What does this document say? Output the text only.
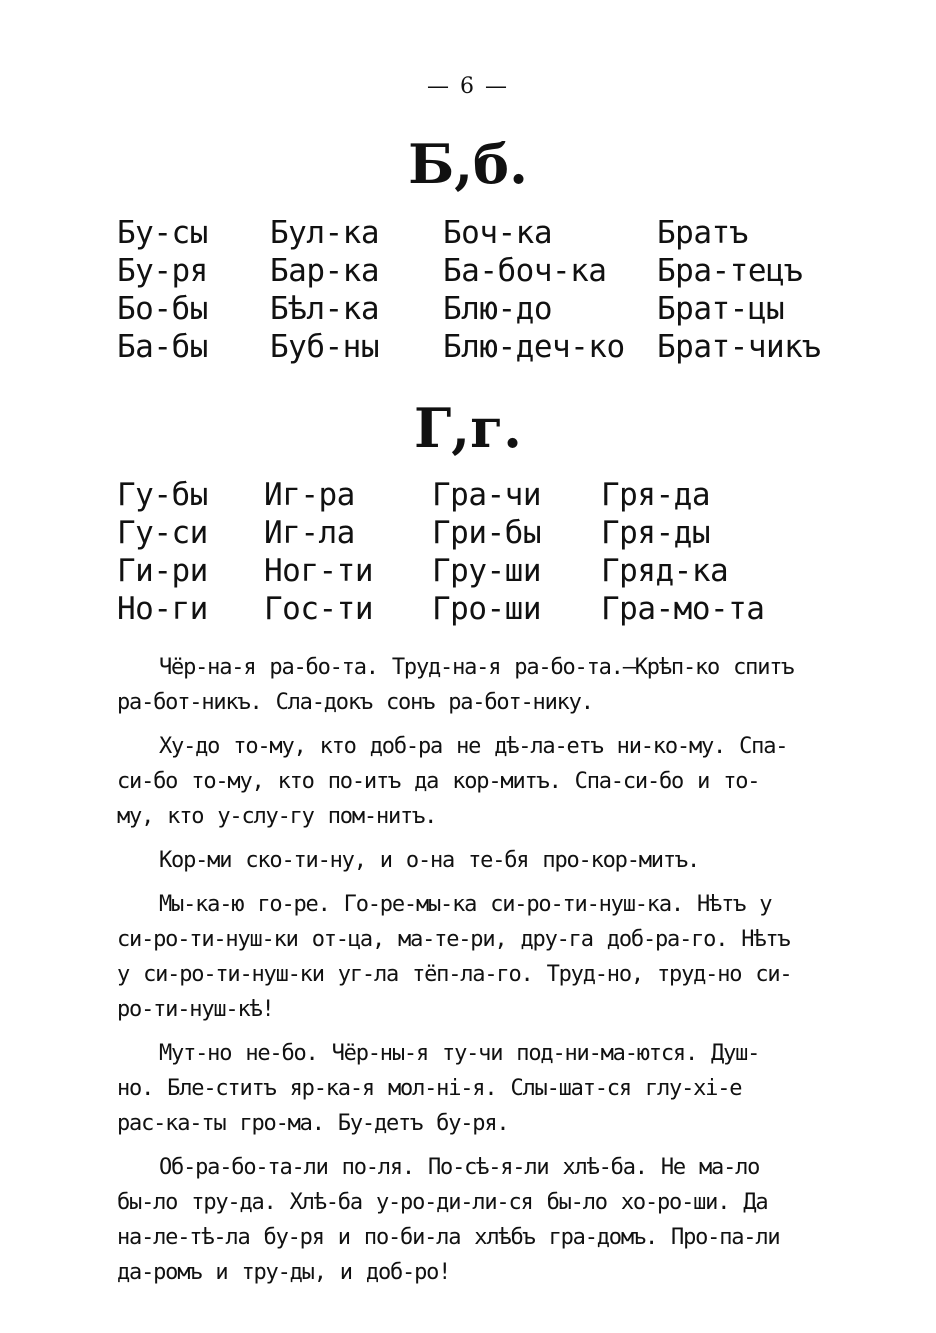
— 6 —
Б,б.
Бу-сы
Бу-ря
Бо-бы
Ба-бы
Бул-ка
Бар-ка
Бѣл-ка
Буб-ны
Боч-ка
Ба-боч-ка
Блю-до
Блю-деч-ко
Братъ
Бра-тецъ
Брат-цы
Брат-чикъ
Г,г.
Гу-бы
Гу-си
Ги-ри
Но-ги
Иг-ра
Иг-ла
Ног-ти
Гос-ти
Гра-чи
Гри-бы
Гру-ши
Гро-ши
Гря-да
Гря-ды
Гряд-ка
Гра-мо-та
Чёр-на-я ра-бо-та. Труд-на-я ра-бо-та.—Крѣп-ко спитъ
ра-бот-никъ. Сла-докъ сонъ ра-бот-нику.
Ху-до то-му, кто доб-ра не дѣ-ла-етъ ни-ко-му. Спа-
си-бо то-му, кто по-итъ да кор-митъ. Спа-си-бо и то-
му, кто у-слу-гу пом-нитъ.
Кор-ми ско-ти-ну, и о-на те-бя про-кор-митъ.
Мы-ка-ю го-ре. Го-ре-мы-ка си-ро-ти-нуш-ка. Нѣтъ у
си-ро-ти-нуш-ки от-ца, ма-те-ри, дру-га доб-ра-го. Нѣтъ
у си-ро-ти-нуш-ки уг-ла тёп-ла-го. Труд-но, труд-но си-
ро-ти-нуш-кѣ!
Мут-но не-бо. Чёр-ны-я ту-чи под-ни-ма-ются. Душ-
но. Бле-ститъ яр-ка-я мол-нi-я. Слы-шат-ся глу-хi-е
рас-ка-ты гро-ма. Бу-детъ бу-ря.
Об-ра-бо-та-ли по-ля. По-сѣ-я-ли хлѣ-ба. Не ма-ло
бы-ло тру-да. Хлѣ-ба у-ро-ди-ли-ся бы-ло хо-ро-ши. Да
на-ле-тѣ-ла бу-ря и по-би-ла хлѣбъ гра-домъ. Про-па-ли
да-ромъ и тру-ды, и доб-ро!
